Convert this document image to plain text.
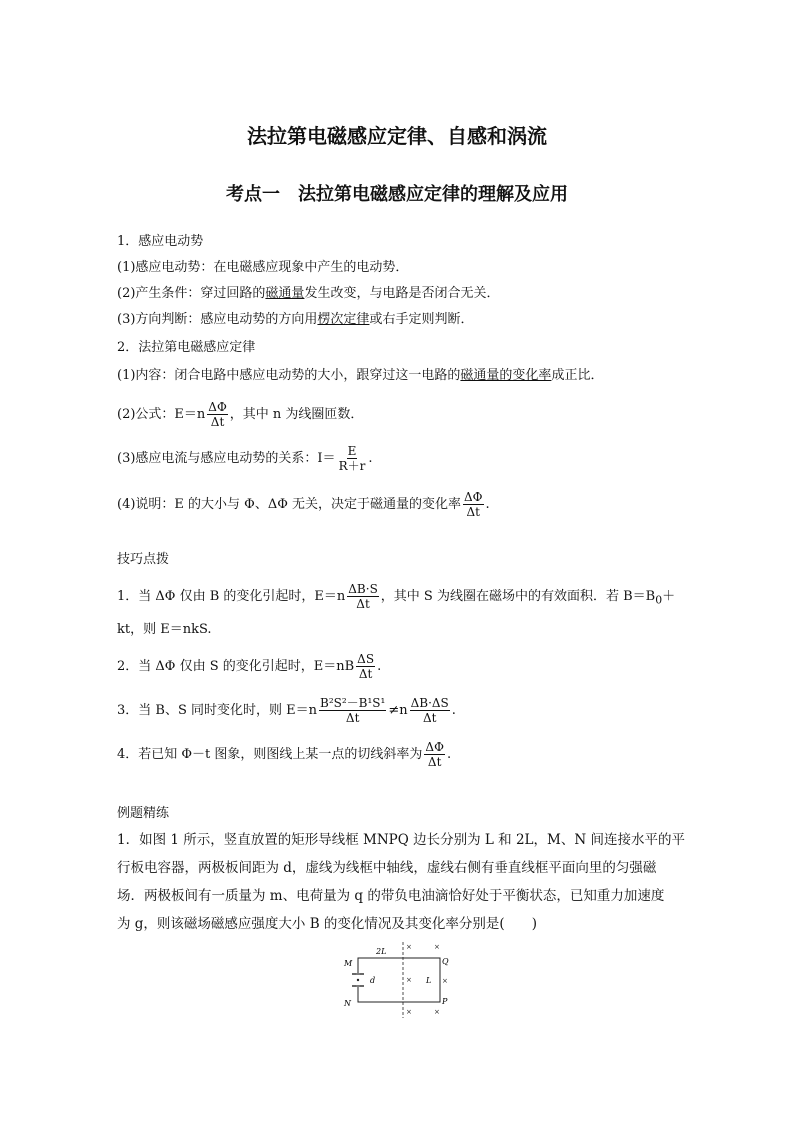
法拉第电磁感应定律、自感和涡流
考点一　法拉第电磁感应定律的理解及应用
1．感应电动势
(1)感应电动势：在电磁感应现象中产生的电动势．
(2)产生条件：穿过回路的磁通量发生改变，与电路是否闭合无关．
(3)方向判断：感应电动势的方向用楞次定律或右手定则判断．
2．法拉第电磁感应定律
(1)内容：闭合电路中感应电动势的大小，跟穿过这一电路的磁通量的变化率成正比．
(2)公式：$E=n \frac{\Delta\Phi}{\Delta t}$ ，其中 n 为线圈匝数．
(3)感应电流与感应电动势的关系：$I= \frac{E}{R+r}$ .
(4)说明：E 的大小与 Φ、ΔΦ 无关，决定于磁通量的变化率 $\frac{\Delta\Phi}{\Delta t}$ .
技巧点拨
1．当 ΔΦ 仅由 B 的变化引起时，$E=n \frac{\Delta B\cdot S}{\Delta t}$ ，其中 S 为线圈在磁场中的有效面积．若 $B=B_0+$
kt，则 E＝nkS.
2．当 ΔΦ 仅由 S 的变化引起时，$E=nB \frac{\Delta S}{\Delta t}$ .
3．当 B、S 同时变化时，则 $E=n \frac{\text{B²S²－B¹S¹}}{\Delta t} \ne n \frac{\Delta B\cdot\Delta S}{\Delta t}$ .
4．若已知 Φ－t 图象，则图线上某一点的切线斜率为 $\frac{\Delta\Phi}{\Delta t}$ .
例题精练
1．如图 1 所示，竖直放置的矩形导线框 MNPQ 边长分别为 L 和 2L，M、N 间连接水平的平
行板电容器，两极板间距为 d，虚线为线框中轴线，虚线右侧有垂直线框平面向里的匀强磁
场．两极板间有一质量为 m、电荷量为 q 的带负电油滴恰好处于平衡状态，已知重力加速度
为 g，则该磁场磁感应强度大小 B 的变化情况及其变化率分别是(　　)
2L
M
N
Q
P
L
d
×	×
×	×
×	×
